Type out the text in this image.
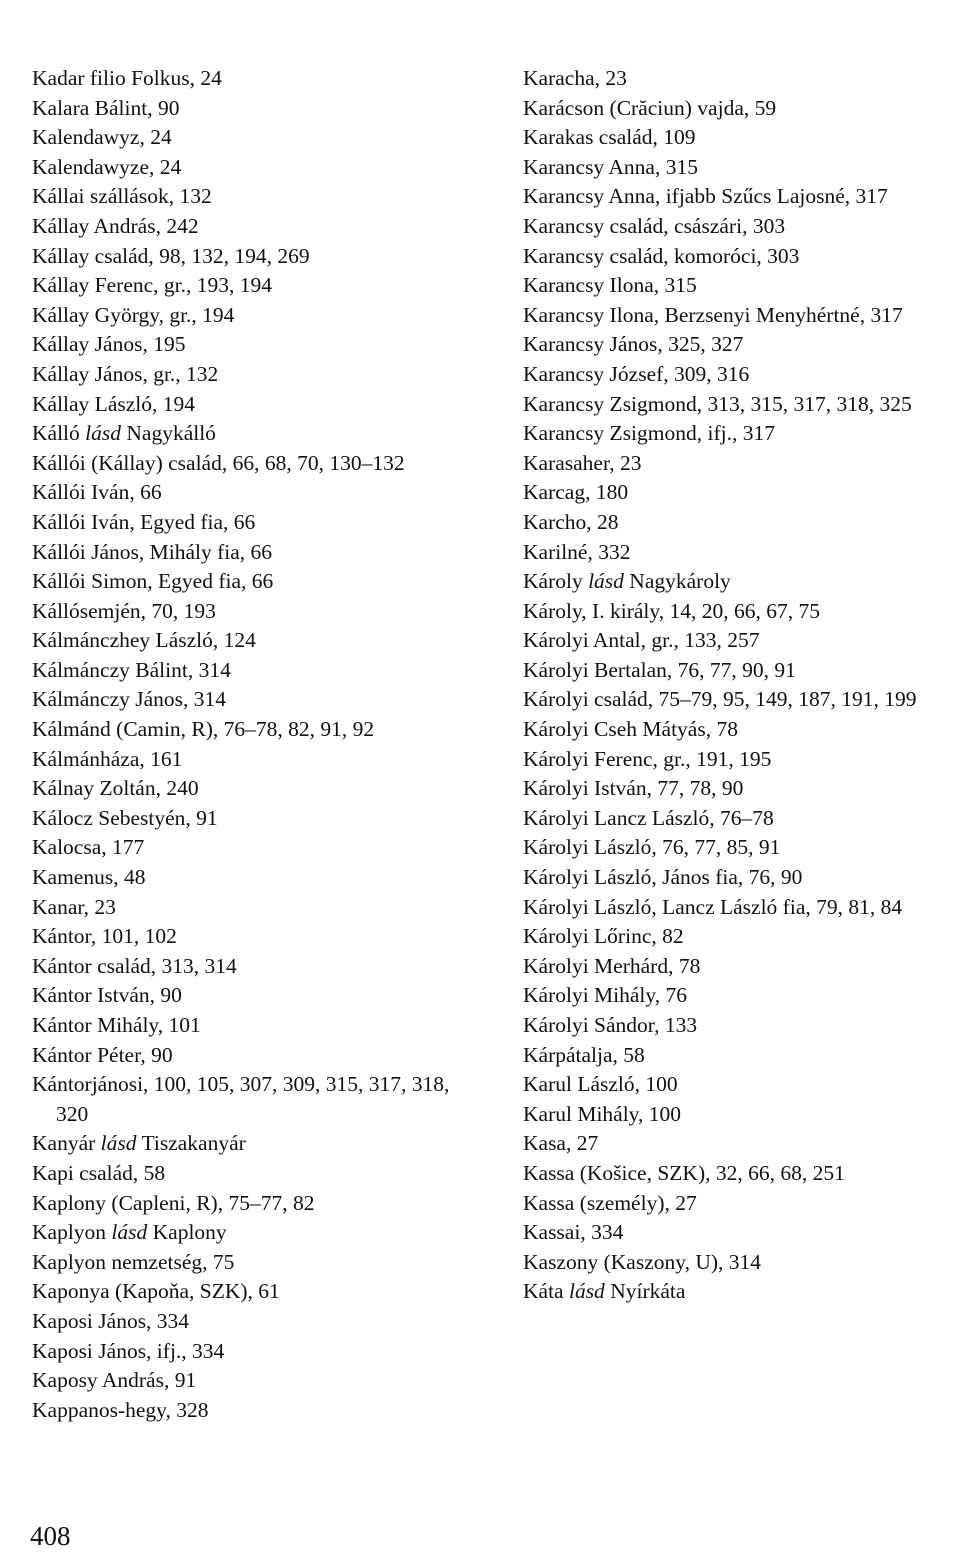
Kadar filio Folkus, 24
Kalara Bálint, 90
Kalendawyz, 24
Kalendawyze, 24
Kállai szállások, 132
Kállay András, 242
Kállay család, 98, 132, 194, 269
Kállay Ferenc, gr., 193, 194
Kállay György, gr., 194
Kállay János, 195
Kállay János, gr., 132
Kállay László, 194
Kálló lásd Nagykálló
Kállói (Kállay) család, 66, 68, 70, 130–132
Kállói Iván, 66
Kállói Iván, Egyed fia, 66
Kállói János, Mihály fia, 66
Kállói Simon, Egyed fia, 66
Kállósemjén, 70, 193
Kálmánczhey László, 124
Kálmánczy Bálint, 314
Kálmánczy János, 314
Kálmánd (Camin, R), 76–78, 82, 91, 92
Kálmánháza, 161
Kálnay Zoltán, 240
Kálocz Sebestyén, 91
Kalocsa, 177
Kamenus, 48
Kanar, 23
Kántor, 101, 102
Kántor család, 313, 314
Kántor István, 90
Kántor Mihály, 101
Kántor Péter, 90
Kántorjánosi, 100, 105, 307, 309, 315, 317, 318, 320
Kanyár lásd Tiszakanyár
Kapi család, 58
Kaplony (Capleni, R), 75–77, 82
Kaplyon lásd Kaplony
Kaplyon nemzetség, 75
Kaponya (Kapoňa, SZK), 61
Kaposi János, 334
Kaposi János, ifj., 334
Kaposy András, 91
Kappanos-hegy, 328
Karacha, 23
Karácson (Crăciun) vajda, 59
Karakas család, 109
Karancsy Anna, 315
Karancsy Anna, ifjabb Szűcs Lajosné, 317
Karancsy család, császári, 303
Karancsy család, komoróci, 303
Karancsy Ilona, 315
Karancsy Ilona, Berzsenyi Menyhértné, 317
Karancsy János, 325, 327
Karancsy József, 309, 316
Karancsy Zsigmond, 313, 315, 317, 318, 325
Karancsy Zsigmond, ifj., 317
Karasaher, 23
Karcag, 180
Karcho, 28
Karilné, 332
Károly lásd Nagykároly
Károly, I. király, 14, 20, 66, 67, 75
Károlyi Antal, gr., 133, 257
Károlyi Bertalan, 76, 77, 90, 91
Károlyi család, 75–79, 95, 149, 187, 191, 199
Károlyi Cseh Mátyás, 78
Károlyi Ferenc, gr., 191, 195
Károlyi István, 77, 78, 90
Károlyi Lancz László, 76–78
Károlyi László, 76, 77, 85, 91
Károlyi László, János fia, 76, 90
Károlyi László, Lancz László fia, 79, 81, 84
Károlyi Lőrinc, 82
Károlyi Merhárd, 78
Károlyi Mihály, 76
Károlyi Sándor, 133
Kárpátalja, 58
Karul László, 100
Karul Mihály, 100
Kasa, 27
Kassa (Košice, SZK), 32, 66, 68, 251
Kassa (személy), 27
Kassai, 334
Kaszony (Kaszony, U), 314
Káta lásd Nyírkáta
408
